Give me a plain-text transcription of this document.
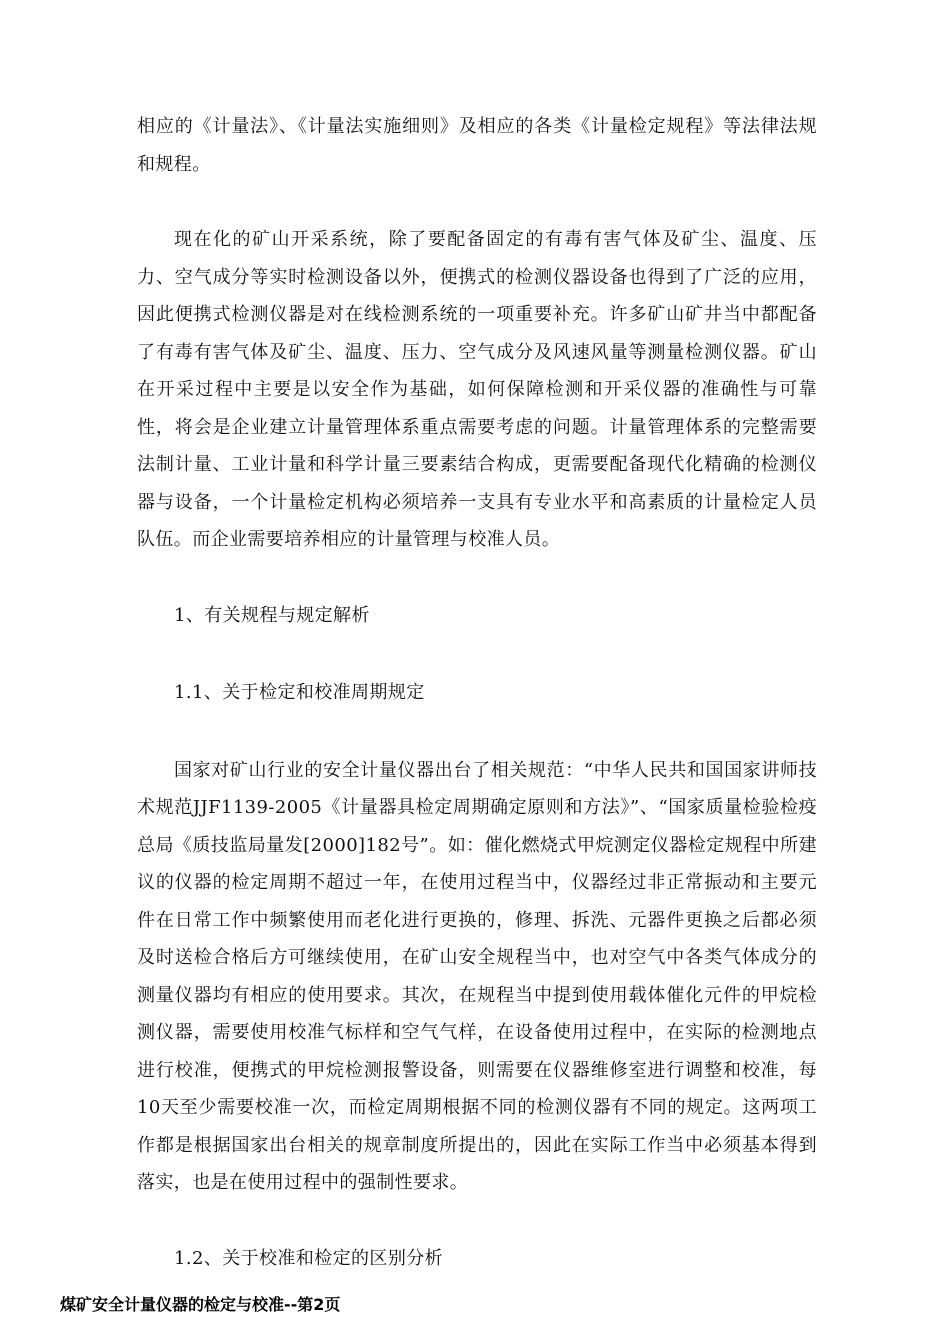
相应的《计量法》、《计量法实施细则》及相应的各类《计量检定规程》等法律法规和规程。

现在化的矿山开采系统，除了要配备固定的有毒有害气体及矿尘、温度、压力、空气成分等实时检测设备以外，便携式的检测仪器设备也得到了广泛的应用，因此便携式检测仪器是对在线检测系统的一项重要补充。许多矿山矿井当中都配备了有毒有害气体及矿尘、温度、压力、空气成分及风速风量等测量检测仪器。矿山在开采过程中主要是以安全作为基础，如何保障检测和开采仪器的准确性与可靠性，将会是企业建立计量管理体系重点需要考虑的问题。计量管理体系的完整需要法制计量、工业计量和科学计量三要素结合构成，更需要配备现代化精确的检测仪器与设备，一个计量检定机构必须培养一支具有专业水平和高素质的计量检定人员队伍。而企业需要培养相应的计量管理与校准人员。

1、有关规程与规定解析

1.1、关于检定和校准周期规定

国家对矿山行业的安全计量仪器出台了相关规范：“中华人民共和国国家讲师技术规范JJF1139-2005《计量器具检定周期确定原则和方法》”、“国家质量检验检疫总局《质技监局量发[2000]182号”。如：催化燃烧式甲烷测定仪器检定规程中所建议的仪器的检定周期不超过一年，在使用过程当中，仪器经过非正常振动和主要元件在日常工作中频繁使用而老化进行更换的，修理、拆洗、元器件更换之后都必须及时送检合格后方可继续使用，在矿山安全规程当中，也对空气中各类气体成分的测量仪器均有相应的使用要求。其次，在规程当中提到使用载体催化元件的甲烷检测仪器，需要使用校准气标样和空气气样，在设备使用过程中，在实际的检测地点进行校准，便携式的甲烷检测报警设备，则需要在仪器维修室进行调整和校准，每10天至少需要校准一次，而检定周期根据不同的检测仪器有不同的规定。这两项工作都是根据国家出台相关的规章制度所提出的，因此在实际工作当中必须基本得到落实，也是在使用过程中的强制性要求。

1.2、关于校准和检定的区别分析

煤矿安全计量仪器的检定与校准--第2页
